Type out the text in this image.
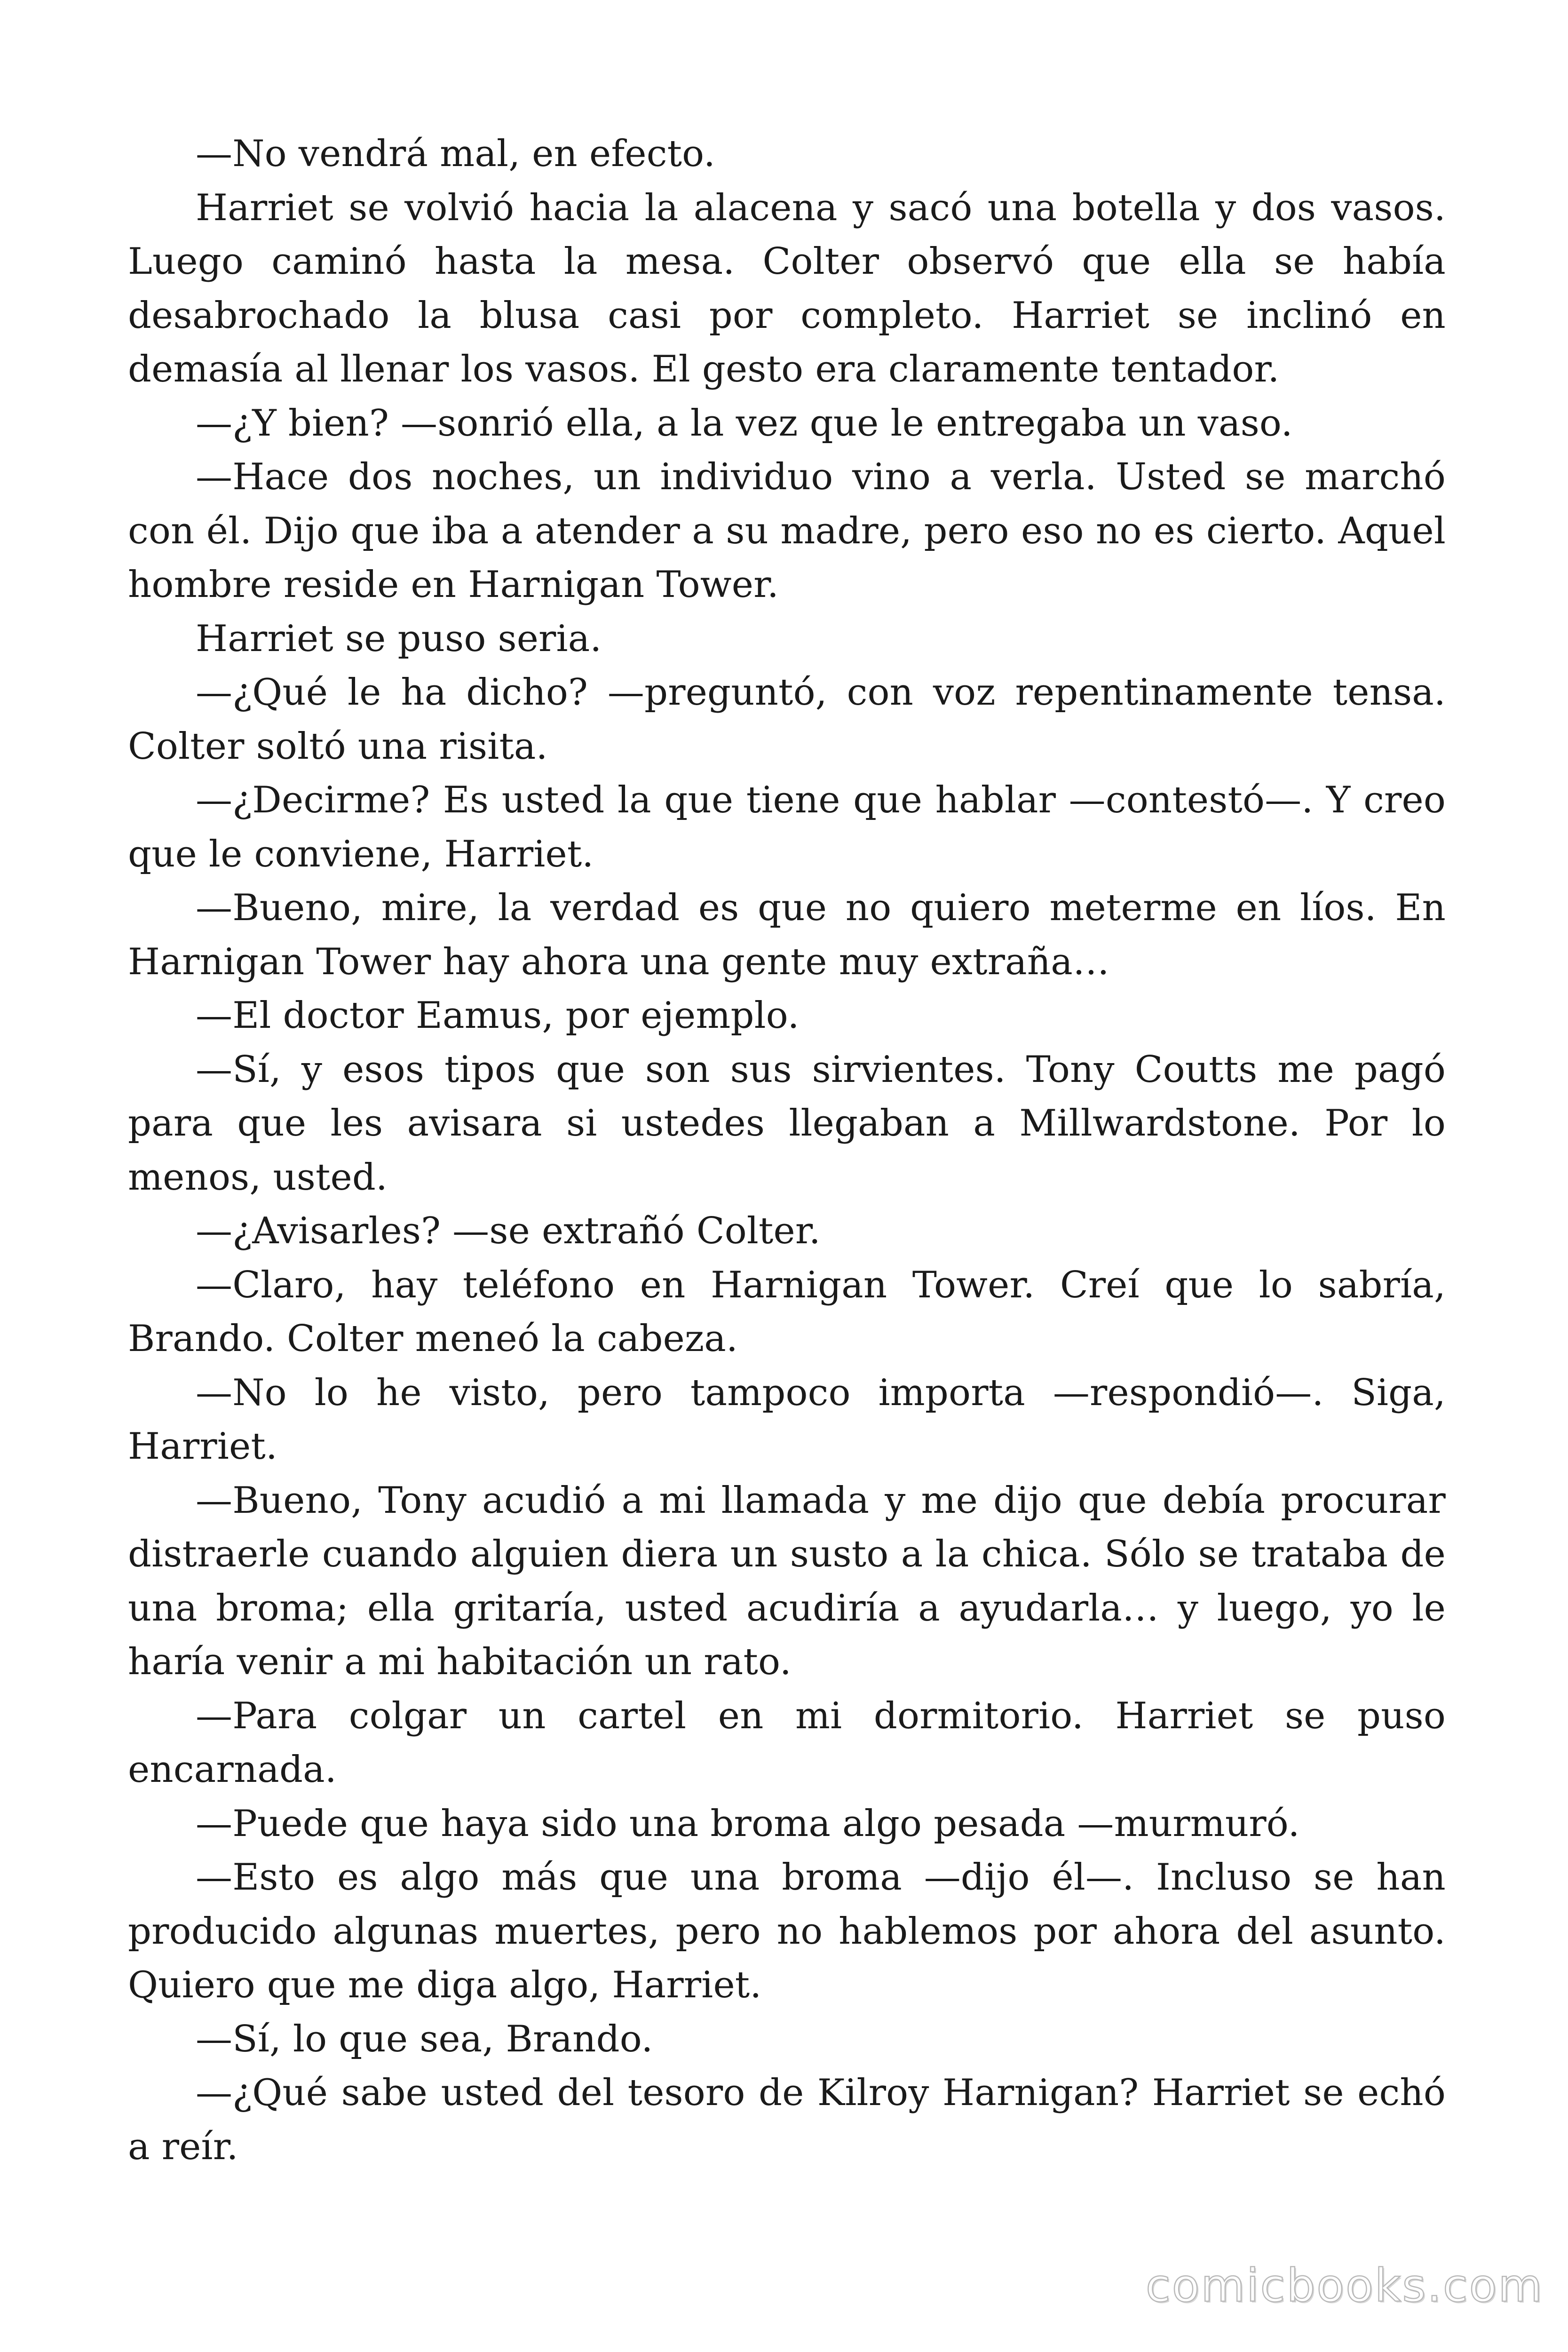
—No vendrá mal, en efecto.

Harriet se volvió hacia la alacena y sacó una botella y dos vasos. Luego caminó hasta la mesa. Colter observó que ella se había desabrochado la blusa casi por completo. Harriet se inclinó en demasía al llenar los vasos. El gesto era claramente tentador.

—¿Y bien? —sonrió ella, a la vez que le entregaba un vaso.

—Hace dos noches, un individuo vino a verla. Usted se marchó con él. Dijo que iba a atender a su madre, pero eso no es cierto. Aquel hombre reside en Harnigan Tower.

Harriet se puso seria.

—¿Qué le ha dicho? —preguntó, con voz repentinamente tensa. Colter soltó una risita.

—¿Decirme? Es usted la que tiene que hablar —contestó—. Y creo que le conviene, Harriet.

—Bueno, mire, la verdad es que no quiero meterme en líos. En Harnigan Tower hay ahora una gente muy extraña…

—El doctor Eamus, por ejemplo.

—Sí, y esos tipos que son sus sirvientes. Tony Coutts me pagó para que les avisara si ustedes llegaban a Millwardstone. Por lo menos, usted.

—¿Avisarles? —se extrañó Colter.

—Claro, hay teléfono en Harnigan Tower. Creí que lo sabría, Brando. Colter meneó la cabeza.

—No lo he visto, pero tampoco importa —respondió—. Siga, Harriet.

—Bueno, Tony acudió a mi llamada y me dijo que debía procurar distraerle cuando alguien diera un susto a la chica. Sólo se trataba de una broma; ella gritaría, usted acudiría a ayudarla… y luego, yo le haría venir a mi habitación un rato.

—Para colgar un cartel en mi dormitorio. Harriet se puso encarnada.

—Puede que haya sido una broma algo pesada —murmuró.

—Esto es algo más que una broma —dijo él—. Incluso se han producido algunas muertes, pero no hablemos por ahora del asunto. Quiero que me diga algo, Harriet.

—Sí, lo que sea, Brando.

—¿Qué sabe usted del tesoro de Kilroy Harnigan? Harriet se echó a reír.

comicbooks.com
